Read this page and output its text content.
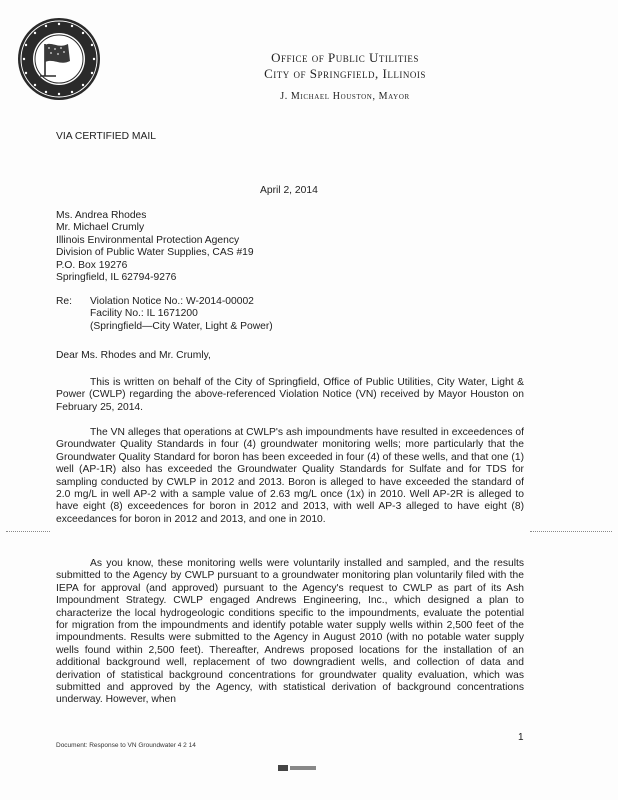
Office of Public Utilities
City of Springfield, Illinois
J. Michael Houston, Mayor
VIA CERTIFIED MAIL
April 2, 2014
Ms. Andrea Rhodes
Mr. Michael Crumly
Illinois Environmental Protection Agency
Division of Public Water Supplies, CAS #19
P.O. Box 19276
Springfield, IL 62794-9276
Re: Violation Notice No.: W-2014-00002
Facility No.: IL 1671200
(Springfield—City Water, Light & Power)
Dear Ms. Rhodes and Mr. Crumly,
This is written on behalf of the City of Springfield, Office of Public Utilities, City Water, Light & Power (CWLP) regarding the above-referenced Violation Notice (VN) received by Mayor Houston on February 25, 2014.
The VN alleges that operations at CWLP's ash impoundments have resulted in exceedences of Groundwater Quality Standards in four (4) groundwater monitoring wells; more particularly that the Groundwater Quality Standard for boron has been exceeded in four (4) of these wells, and that one (1) well (AP-1R) also has exceeded the Groundwater Quality Standards for Sulfate and for TDS for sampling conducted by CWLP in 2012 and 2013. Boron is alleged to have exceeded the standard of 2.0 mg/L in well AP-2 with a sample value of 2.63 mg/L once (1x) in 2010. Well AP-2R is alleged to have eight (8) exceedences for boron in 2012 and 2013, with well AP-3 alleged to have eight (8) exceedances for boron in 2012 and 2013, and one in 2010.
As you know, these monitoring wells were voluntarily installed and sampled, and the results submitted to the Agency by CWLP pursuant to a groundwater monitoring plan voluntarily filed with the IEPA for approval (and approved) pursuant to the Agency's request to CWLP as part of its Ash Impoundment Strategy. CWLP engaged Andrews Engineering, Inc., which designed a plan to characterize the local hydrogeologic conditions specific to the impoundments, evaluate the potential for migration from the impoundments and identify potable water supply wells within 2,500 feet of the impoundments. Results were submitted to the Agency in August 2010 (with no potable water supply wells found within 2,500 feet). Thereafter, Andrews proposed locations for the installation of an additional background well, replacement of two downgradient wells, and collection of data and derivation of statistical background concentrations for groundwater quality evaluation, which was submitted and approved by the Agency, with statistical derivation of background concentrations underway. However, when
1
Document: Response to VN Groundwater 4 2 14
